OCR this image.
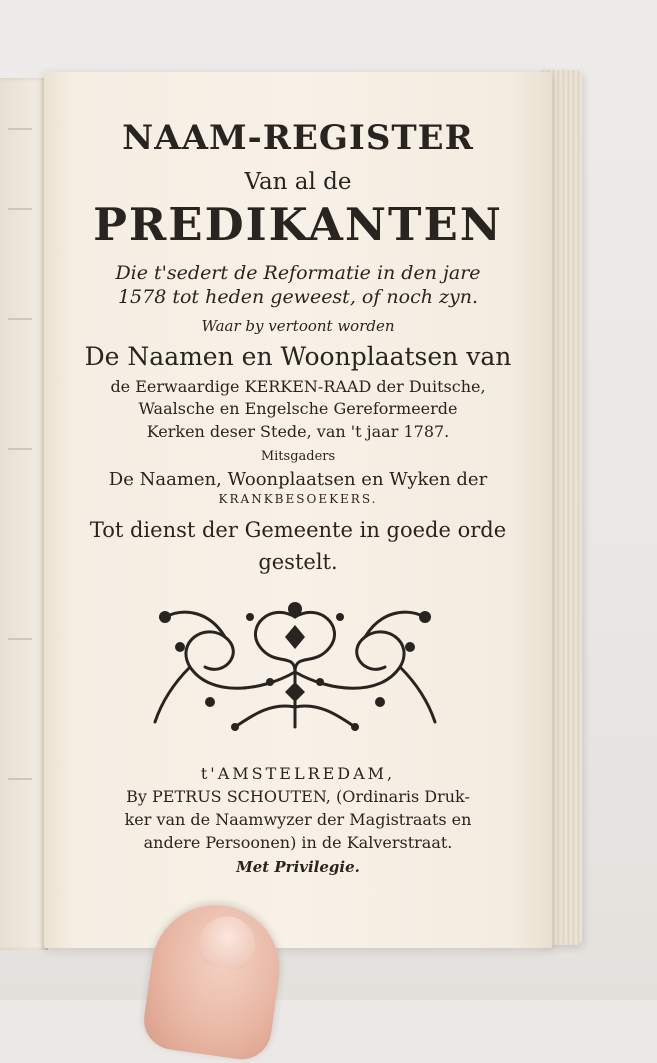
NAAM-REGISTER

Van al de

PREDIKANTEN

Die t'sedert de Reformatie in den jare

1578 tot heden geweest, of noch zyn.

Waar by vertoont worden

De Naamen en Woonplaatsen van

de Eerwaardige KERKEN-RAAD der Duitsche,

Waalsche en Engelsche Gereformeerde

Kerken deser Stede, van 't jaar 1787.

Mitsgaders

De Naamen, Woonplaatsen en Wyken der

KRANKBESOEKERS.

Tot dienst der Gemeente in goede orde

gestelt.

t'AMSTELREDAM,

By PETRUS SCHOUTEN, (Ordinaris Druk-

ker van de Naamwyzer der Magistraats en

andere Persoonen) in de Kalverstraat.

Met Privilegie.
